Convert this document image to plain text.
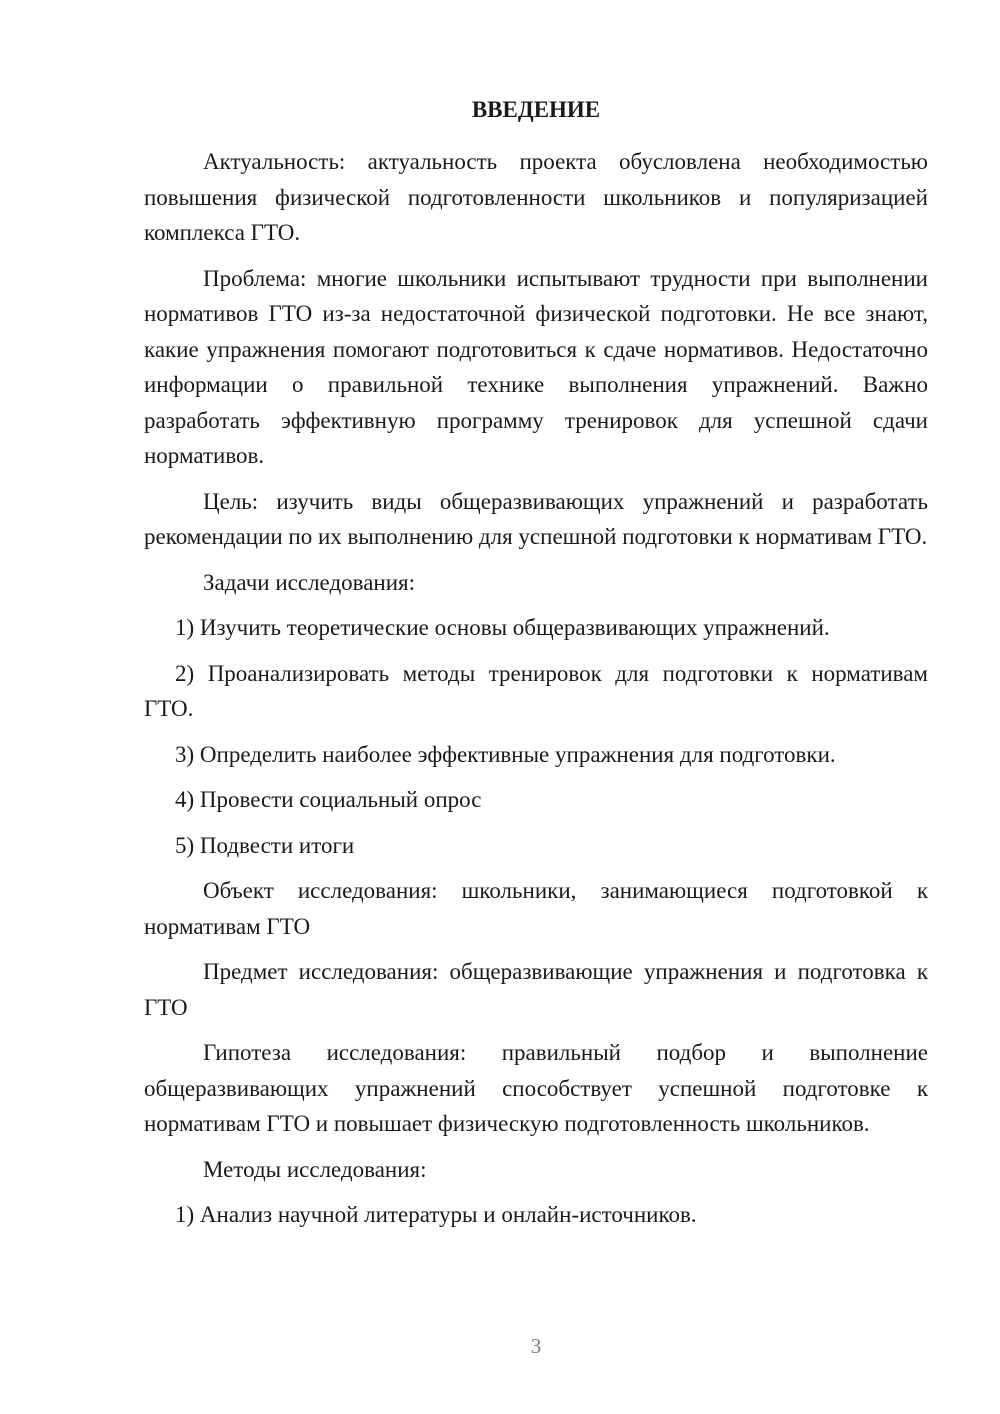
ВВЕДЕНИЕ

Актуальность: актуальность проекта обусловлена необходимостью повышения физической подготовленности школьников и популяризацией комплекса ГТО.

Проблема: многие школьники испытывают трудности при выполнении нормативов ГТО из-за недостаточной физической подготовки. Не все знают, какие упражнения помогают подготовиться к сдаче нормативов. Недостаточно информации о правильной технике выполнения упражнений. Важно разработать эффективную программу тренировок для успешной сдачи нормативов.

Цель: изучить виды общеразвивающих упражнений и разработать рекомендации по их выполнению для успешной подготовки к нормативам ГТО.

Задачи исследования:

1) Изучить теоретические основы общеразвивающих упражнений.

2) Проанализировать методы тренировок для подготовки к нормативам ГТО.

3) Определить наиболее эффективные упражнения для подготовки.

4) Провести социальный опрос

5) Подвести итоги

Объект исследования: школьники, занимающиеся подготовкой к нормативам ГТО

Предмет исследования: общеразвивающие упражнения и подготовка к ГТО

Гипотеза исследования: правильный подбор и выполнение общеразвивающих упражнений способствует успешной подготовке к нормативам ГТО и повышает физическую подготовленность школьников.

Методы исследования:

1) Анализ научной литературы и онлайн-источников.

3
